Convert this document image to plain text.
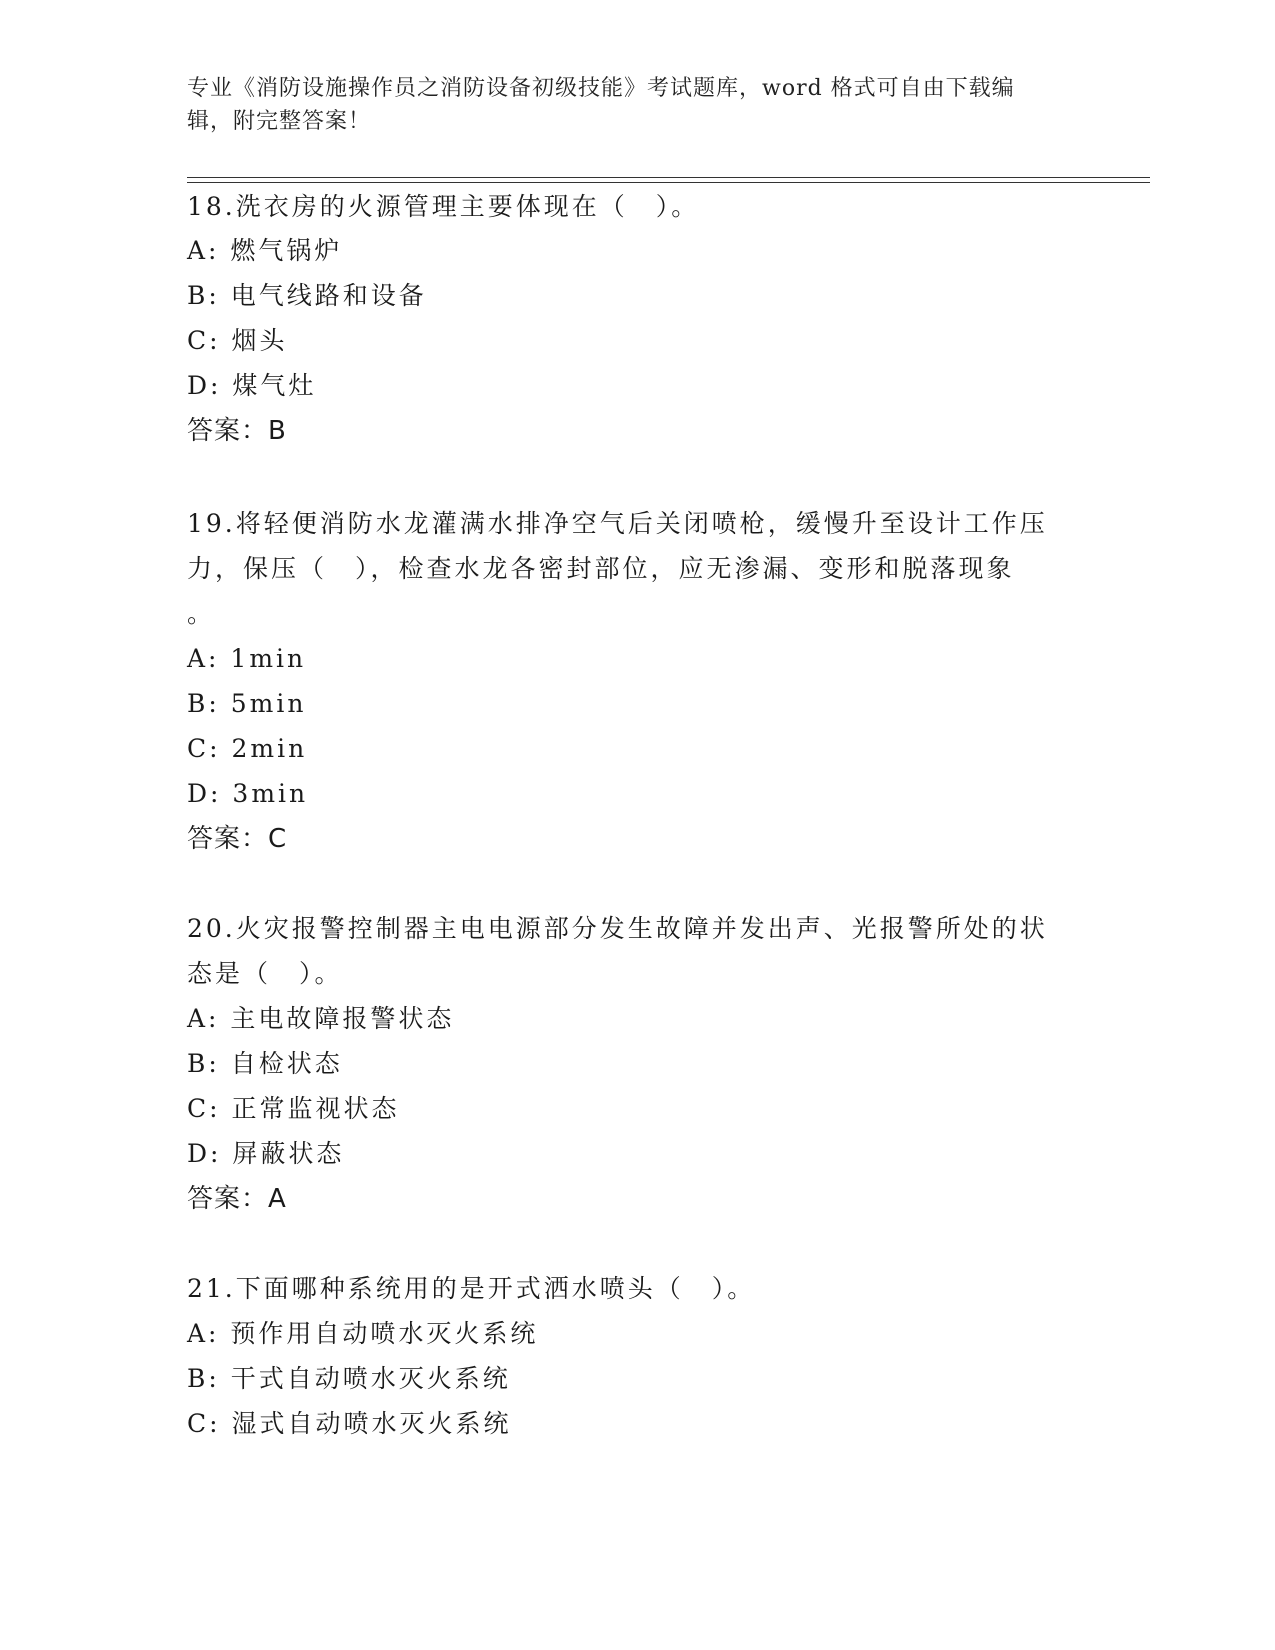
专业《消防设施操作员之消防设备初级技能》考试题库，word 格式可自由下载编
辑，附完整答案！
18.洗衣房的火源管理主要体现在（　）。
A: 燃气锅炉
B: 电气线路和设备
C: 烟头
D: 煤气灶
答案：B
19.将轻便消防水龙灌满水排净空气后关闭喷枪，缓慢升至设计工作压
力，保压（　），检查水龙各密封部位，应无渗漏、变形和脱落现象
。
A: 1min
B: 5min
C: 2min
D: 3min
答案：C
20.火灾报警控制器主电电源部分发生故障并发出声、光报警所处的状
态是（　）。
A: 主电故障报警状态
B: 自检状态
C: 正常监视状态
D: 屏蔽状态
答案：A
21.下面哪种系统用的是开式洒水喷头（　）。
A: 预作用自动喷水灭火系统
B: 干式自动喷水灭火系统
C: 湿式自动喷水灭火系统
